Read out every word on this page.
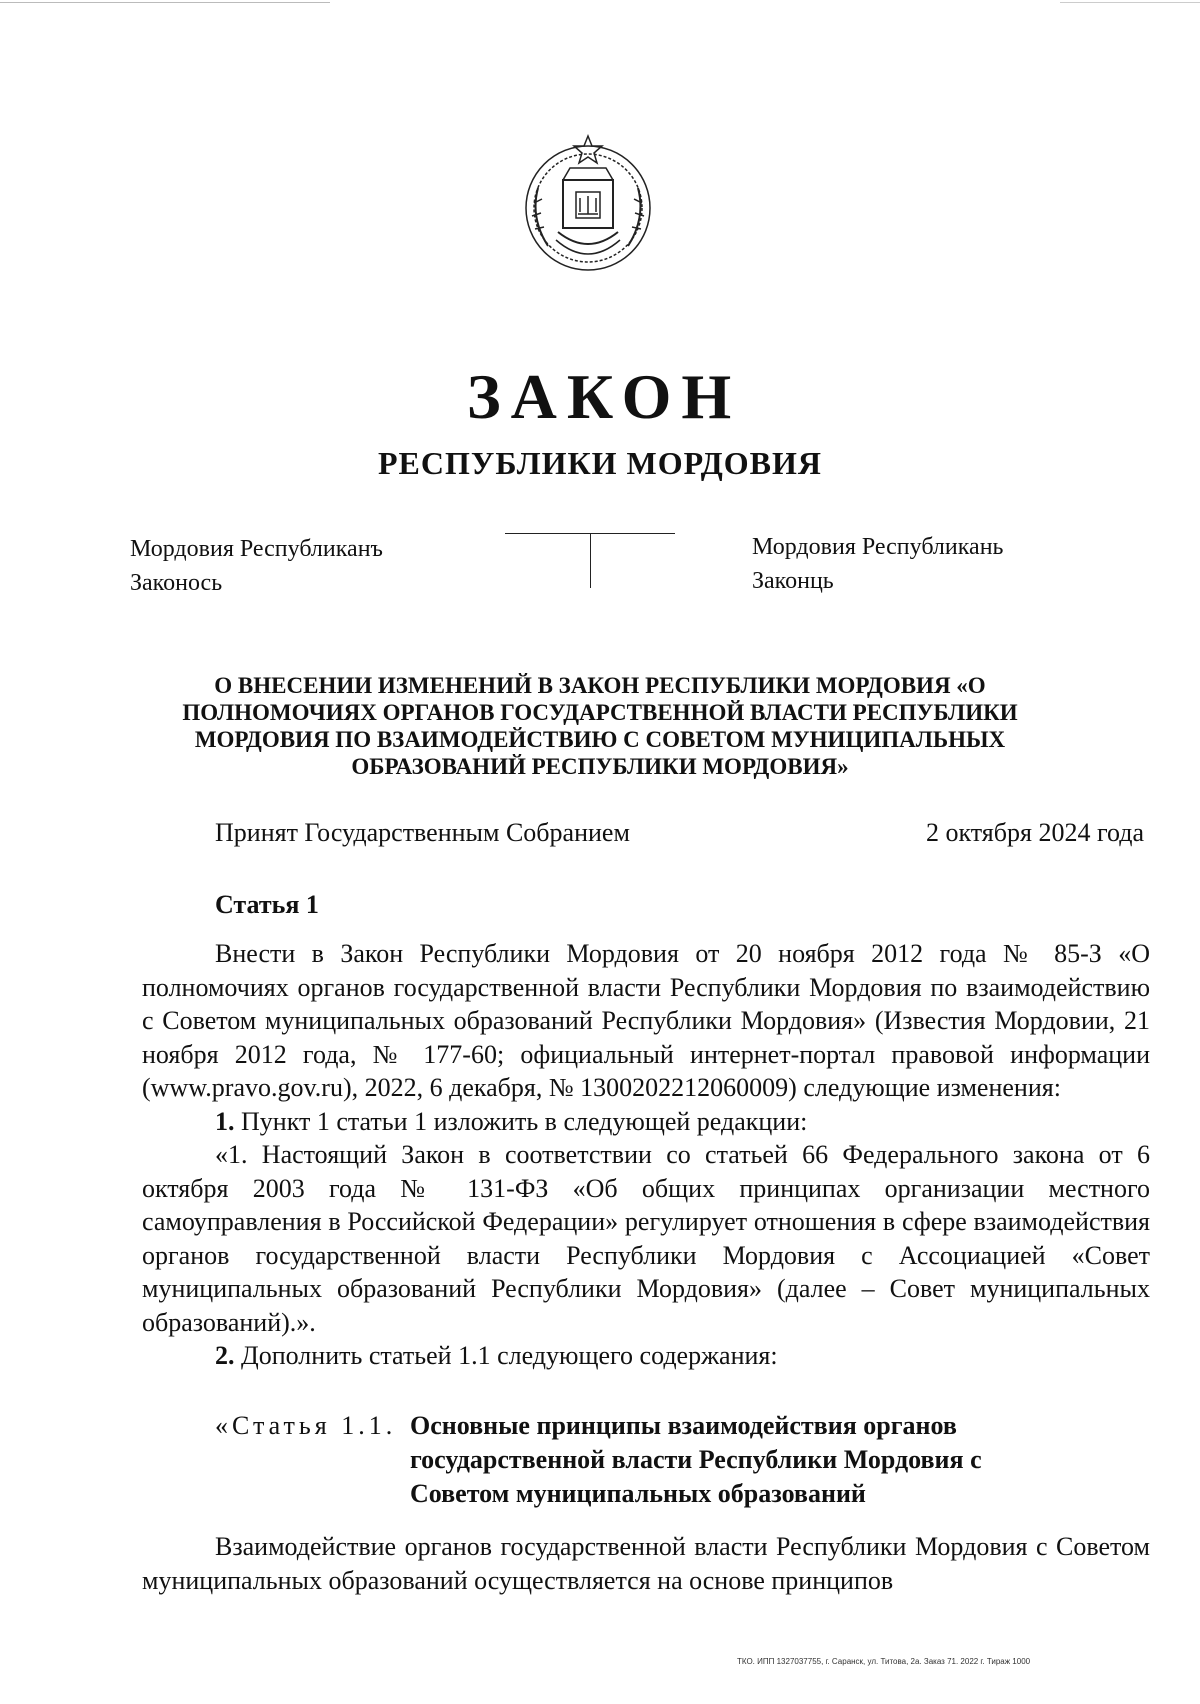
ЗАКОН
РЕСПУБЛИКИ МОРДОВИЯ
Мордовия Республиканъ
Законось
Мордовия Республикань
Законць
О ВНЕСЕНИИ ИЗМЕНЕНИЙ В ЗАКОН РЕСПУБЛИКИ МОРДОВИЯ «О ПОЛНОМОЧИЯХ ОРГАНОВ ГОСУДАРСТВЕННОЙ ВЛАСТИ РЕСПУБЛИКИ МОРДОВИЯ ПО ВЗАИМОДЕЙСТВИЮ С СОВЕТОМ МУНИЦИПАЛЬНЫХ ОБРАЗОВАНИЙ РЕСПУБЛИКИ МОРДОВИЯ»
Принят Государственным Собранием	2 октября 2024 года
Статья 1

Внести в Закон Республики Мордовия от 20 ноября 2012 года № 85-З «О полномочиях органов государственной власти Республики Мордовия по взаимодействию с Советом муниципальных образований Республики Мордовия» (Известия Мордовии, 21 ноября 2012 года, № 177-60; официальный интернет-портал правовой информации (www.pravo.gov.ru), 2022, 6 декабря, № 1300202212060009) следующие изменения:

1. Пункт 1 статьи 1 изложить в следующей редакции:

«1. Настоящий Закон в соответствии со статьей 66 Федерального закона от 6 октября 2003 года № 131-ФЗ «Об общих принципах организации местного самоуправления в Российской Федерации» регулирует отношения в сфере взаимодействия органов государственной власти Республики Мордовия с Ассоциацией «Совет муниципальных образований Республики Мордовия» (далее – Совет муниципальных образований).».

2. Дополнить статьей 1.1 следующего содержания:

«Статья 1.1. Основные принципы взаимодействия органов государственной власти Республики Мордовия с Советом муниципальных образований

Взаимодействие органов государственной власти Республики Мордовия с Советом муниципальных образований осуществляется на основе принципов

ТКО. ИПП 1327037755, г. Саранск, ул. Титова, 2а. Заказ 71. 2022 г. Тираж 1000
